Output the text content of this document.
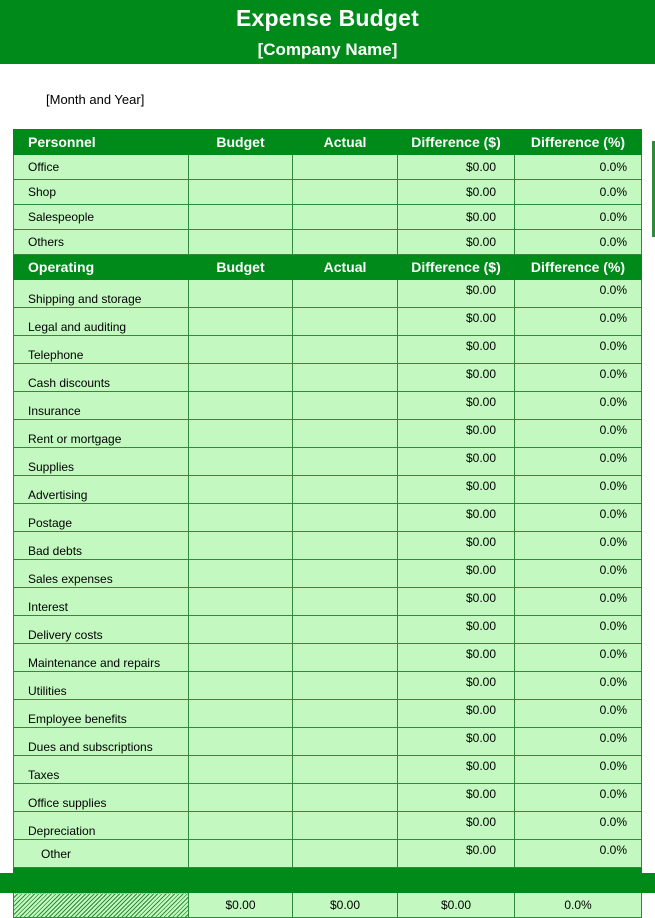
Expense Budget
[Company Name]
[Month and Year]
Personnel	Budget	Actual	Difference ($)	Difference (%)
Office			$0.00	0.0%
Shop			$0.00	0.0%
Salespeople			$0.00	0.0%
Others			$0.00	0.0%
Operating	Budget	Actual	Difference ($)	Difference (%)
Shipping and storage			$0.00	0.0%
Legal and auditing			$0.00	0.0%
Telephone			$0.00	0.0%
Cash discounts			$0.00	0.0%
Insurance			$0.00	0.0%
Rent or mortgage			$0.00	0.0%
Supplies			$0.00	0.0%
Advertising			$0.00	0.0%
Postage			$0.00	0.0%
Bad debts			$0.00	0.0%
Sales expenses			$0.00	0.0%
Interest			$0.00	0.0%
Delivery costs			$0.00	0.0%
Maintenance and repairs			$0.00	0.0%
Utilities			$0.00	0.0%
Employee benefits			$0.00	0.0%
Dues and subscriptions			$0.00	0.0%
Taxes			$0.00	0.0%
Office supplies			$0.00	0.0%
Depreciation			$0.00	0.0%
Other			$0.00	0.0%

	$0.00	$0.00	$0.00	0.0%
